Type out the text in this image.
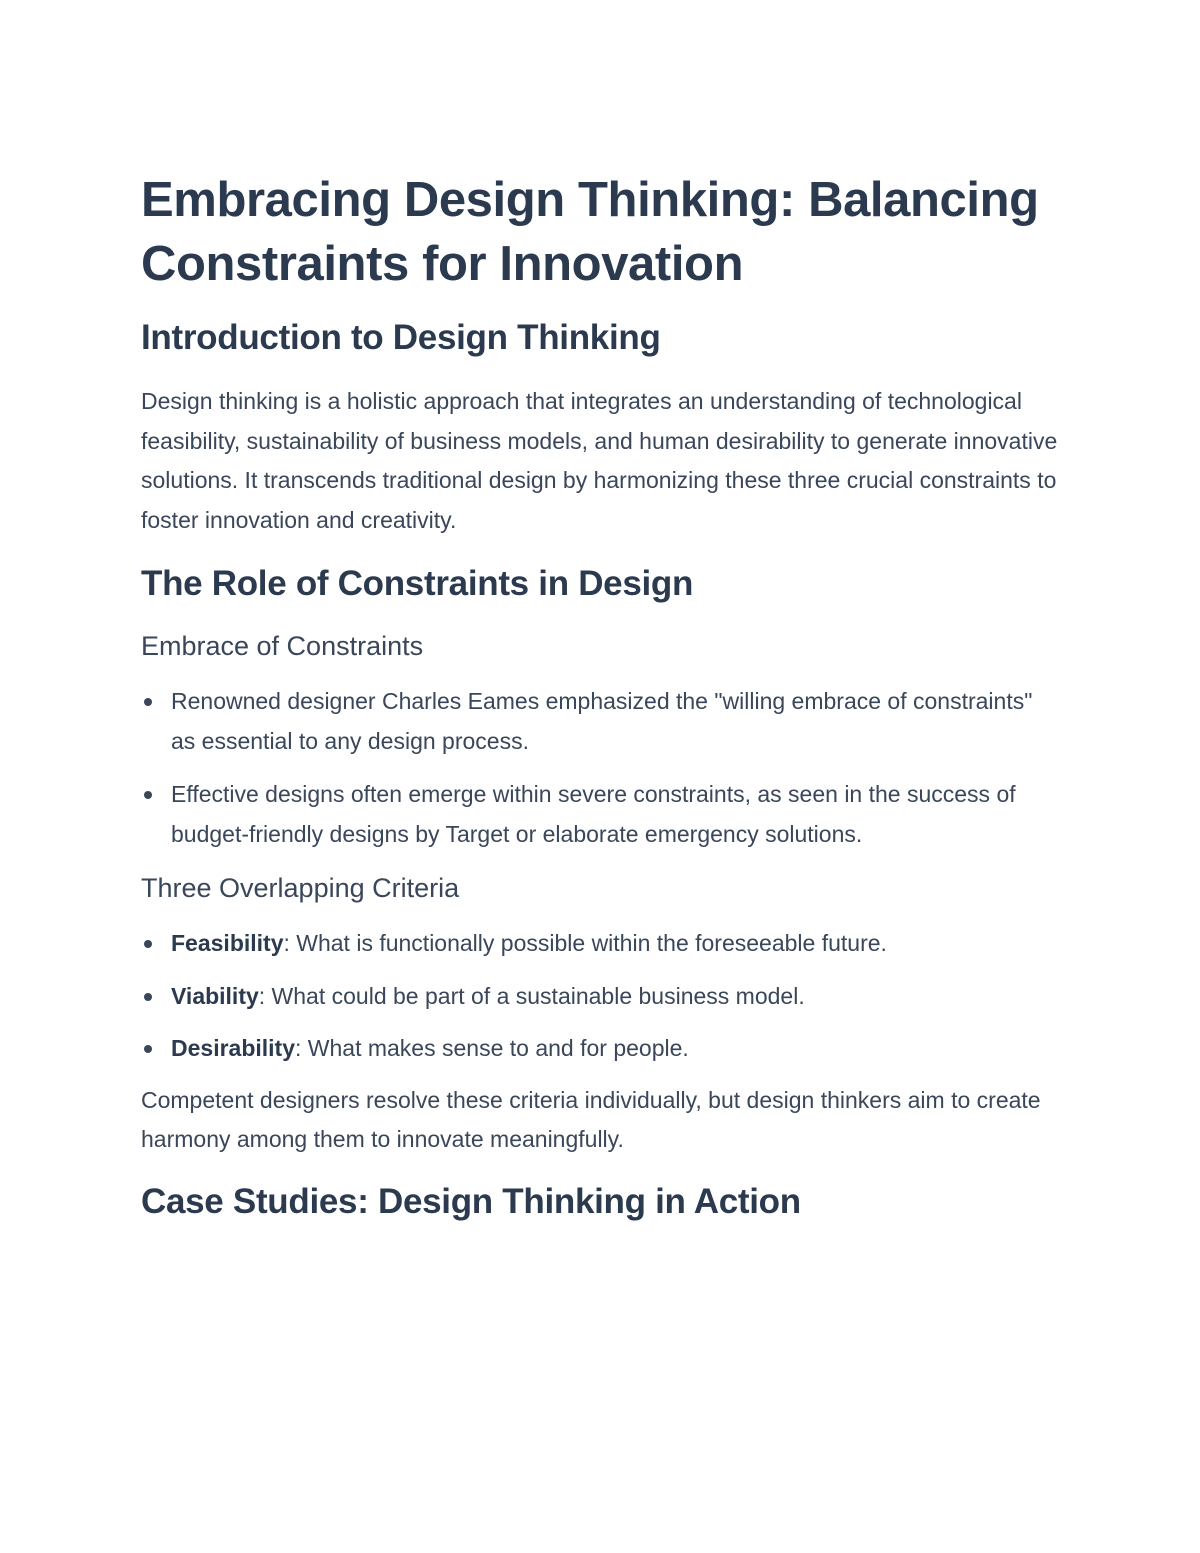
Embracing Design Thinking: Balancing Constraints for Innovation
Introduction to Design Thinking

Design thinking is a holistic approach that integrates an understanding of technological feasibility, sustainability of business models, and human desirability to generate innovative solutions. It transcends traditional design by harmonizing these three crucial constraints to foster innovation and creativity.

The Role of Constraints in Design
Embrace of Constraints
Renowned designer Charles Eames emphasized the "willing embrace of constraints" as essential to any design process.
Effective designs often emerge within severe constraints, as seen in the success of budget-friendly designs by Target or elaborate emergency solutions.
Three Overlapping Criteria
Feasibility: What is functionally possible within the foreseeable future.
Viability: What could be part of a sustainable business model.
Desirability: What makes sense to and for people.

Competent designers resolve these criteria individually, but design thinkers aim to create harmony among them to innovate meaningfully.

Case Studies: Design Thinking in Action
